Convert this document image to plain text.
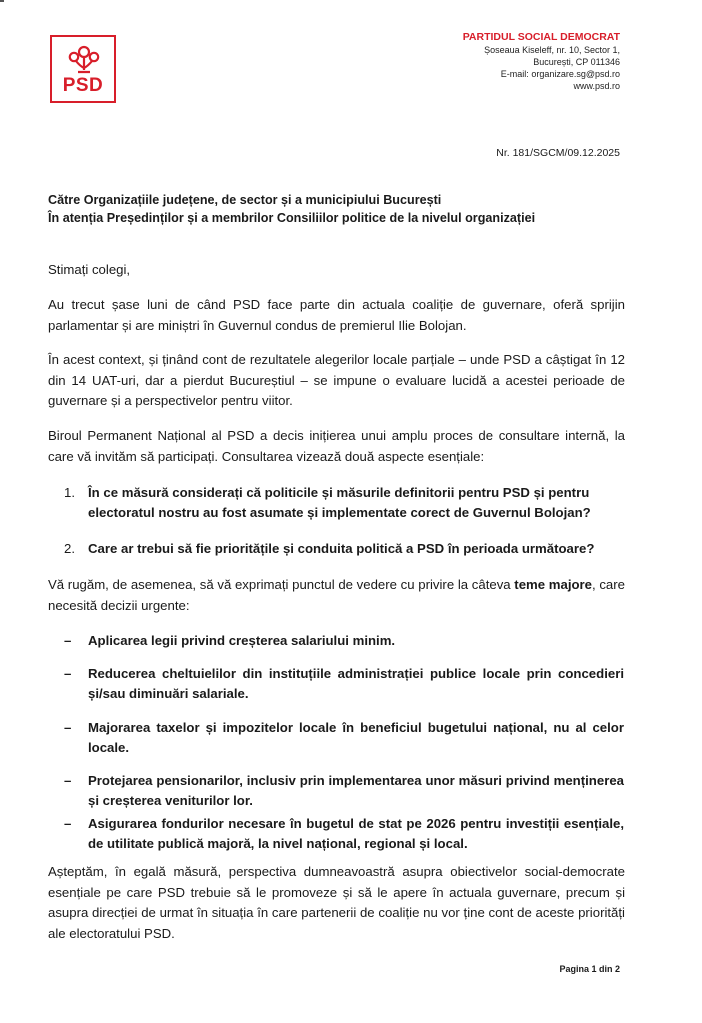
PSD
PARTIDUL SOCIAL DEMOCRAT
Șoseaua Kiseleff, nr. 10, Sector 1,
București, CP 011346
E-mail: organizare.sg@psd.ro
www.psd.ro
Nr. 181/SGCM/09.12.2025
Către Organizațiile județene, de sector și a municipiului București
În atenția Președinților și a membrilor Consiliilor politice de la nivelul organizației
Stimați colegi,
Au trecut șase luni de când PSD face parte din actuala coaliție de guvernare, oferă sprijin parlamentar și are miniștri în Guvernul condus de premierul Ilie Bolojan.
În acest context, și ținând cont de rezultatele alegerilor locale parțiale – unde PSD a câștigat în 12 din 14 UAT-uri, dar a pierdut Bucureștiul – se impune o evaluare lucidă a acestei perioade de guvernare și a perspectivelor pentru viitor.
Biroul Permanent Național al PSD a decis inițierea unui amplu proces de consultare internă, la care vă invităm să participați. Consultarea vizează două aspecte esențiale:
1. În ce măsură considerați că politicile și măsurile definitorii pentru PSD și pentru electoratul nostru au fost asumate și implementate corect de Guvernul Bolojan?
2. Care ar trebui să fie prioritățile și conduita politică a PSD în perioada următoare?
Vă rugăm, de asemenea, să vă exprimați punctul de vedere cu privire la câteva teme majore, care necesită decizii urgente:
– Aplicarea legii privind creșterea salariului minim.
– Reducerea cheltuielilor din instituțiile administrației publice locale prin concedieri și/sau diminuări salariale.
– Majorarea taxelor și impozitelor locale în beneficiul bugetului național, nu al celor locale.
– Protejarea pensionarilor, inclusiv prin implementarea unor măsuri privind menținerea și creșterea veniturilor lor.
– Asigurarea fondurilor necesare în bugetul de stat pe 2026 pentru investiții esențiale, de utilitate publică majoră, la nivel național, regional și local.
Așteptăm, în egală măsură, perspectiva dumneavoastră asupra obiectivelor social-democrate esențiale pe care PSD trebuie să le promoveze și să le apere în actuala guvernare, precum și asupra direcției de urmat în situația în care partenerii de coaliție nu vor ține cont de aceste priorități ale electoratului PSD.
Pagina 1 din 2
